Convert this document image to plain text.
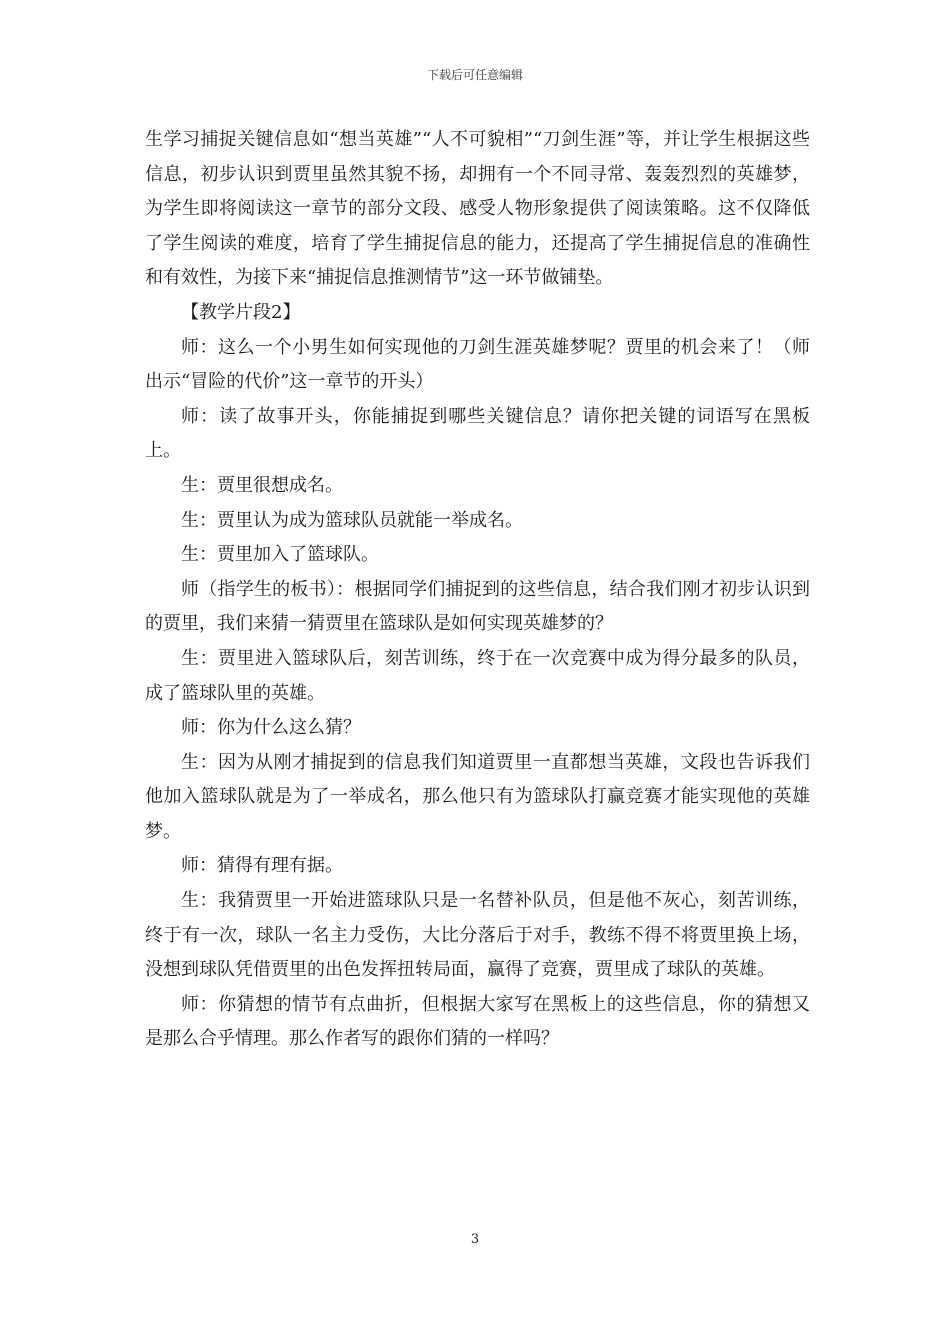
下载后可任意编辑

生学习捕捉关键信息如“想当英雄”“人不可貌相”“刀剑生涯”等，并让学生根据这些信息，初步认识到贾里虽然其貌不扬，却拥有一个不同寻常、轰轰烈烈的英雄梦，为学生即将阅读这一章节的部分文段、感受人物形象提供了阅读策略。这不仅降低了学生阅读的难度，培育了学生捕捉信息的能力，还提高了学生捕捉信息的准确性和有效性，为接下来“捕捉信息推测情节”这一环节做铺垫。

【教学片段2】

师：这么一个小男生如何实现他的刀剑生涯英雄梦呢？贾里的机会来了！（师出示“冒险的代价”这一章节的开头）

师：读了故事开头，你能捕捉到哪些关键信息？请你把关键的词语写在黑板上。

生：贾里很想成名。

生：贾里认为成为篮球队员就能一举成名。

生：贾里加入了篮球队。

师（指学生的板书）：根据同学们捕捉到的这些信息，结合我们刚才初步认识到的贾里，我们来猜一猜贾里在篮球队是如何实现英雄梦的？

生：贾里进入篮球队后，刻苦训练，终于在一次竞赛中成为得分最多的队员，成了篮球队里的英雄。

师：你为什么这么猜？

生：因为从刚才捕捉到的信息我们知道贾里一直都想当英雄，文段也告诉我们他加入篮球队就是为了一举成名，那么他只有为篮球队打赢竞赛才能实现他的英雄梦。

师：猜得有理有据。

生：我猜贾里一开始进篮球队只是一名替补队员，但是他不灰心，刻苦训练，终于有一次，球队一名主力受伤，大比分落后于对手，教练不得不将贾里换上场，没想到球队凭借贾里的出色发挥扭转局面，赢得了竞赛，贾里成了球队的英雄。

师：你猜想的情节有点曲折，但根据大家写在黑板上的这些信息，你的猜想又是那么合乎情理。那么作者写的跟你们猜的一样吗？

3
